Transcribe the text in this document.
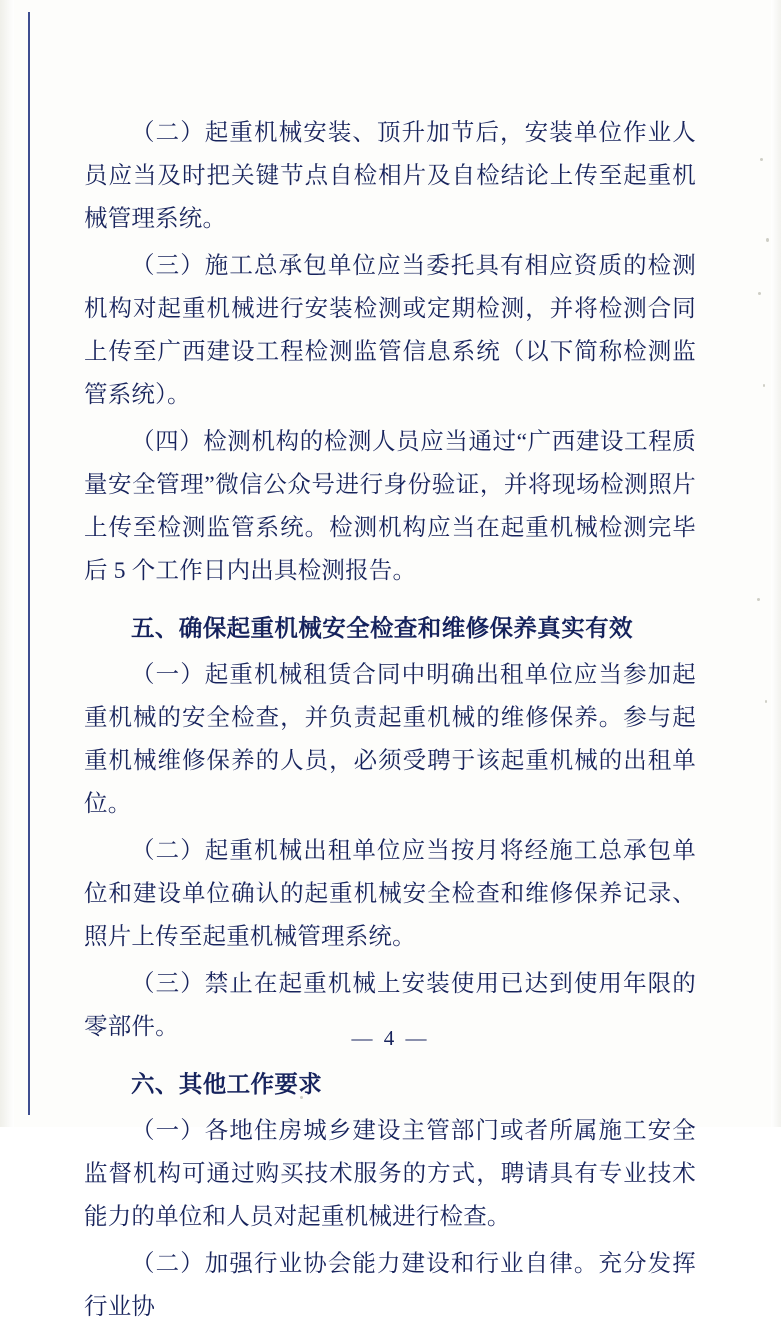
（二）起重机械安装、顶升加节后，安装单位作业人员应当及时把关键节点自检相片及自检结论上传至起重机械管理系统。

（三）施工总承包单位应当委托具有相应资质的检测机构对起重机械进行安装检测或定期检测，并将检测合同上传至广西建设工程检测监管信息系统（以下简称检测监管系统）。

（四）检测机构的检测人员应当通过“广西建设工程质量安全管理”微信公众号进行身份验证，并将现场检测照片上传至检测监管系统。检测机构应当在起重机械检测完毕后 5 个工作日内出具检测报告。

五、确保起重机械安全检查和维修保养真实有效

（一）起重机械租赁合同中明确出租单位应当参加起重机械的安全检查，并负责起重机械的维修保养。参与起重机械维修保养的人员，必须受聘于该起重机械的出租单位。

（二）起重机械出租单位应当按月将经施工总承包单位和建设单位确认的起重机械安全检查和维修保养记录、照片上传至起重机械管理系统。

（三）禁止在起重机械上安装使用已达到使用年限的零部件。

六、其他工作要求

（一）各地住房城乡建设主管部门或者所属施工安全监督机构可通过购买技术服务的方式，聘请具有专业技术能力的单位和人员对起重机械进行检查。

（二）加强行业协会能力建设和行业自律。充分发挥行业协

— 4 —
